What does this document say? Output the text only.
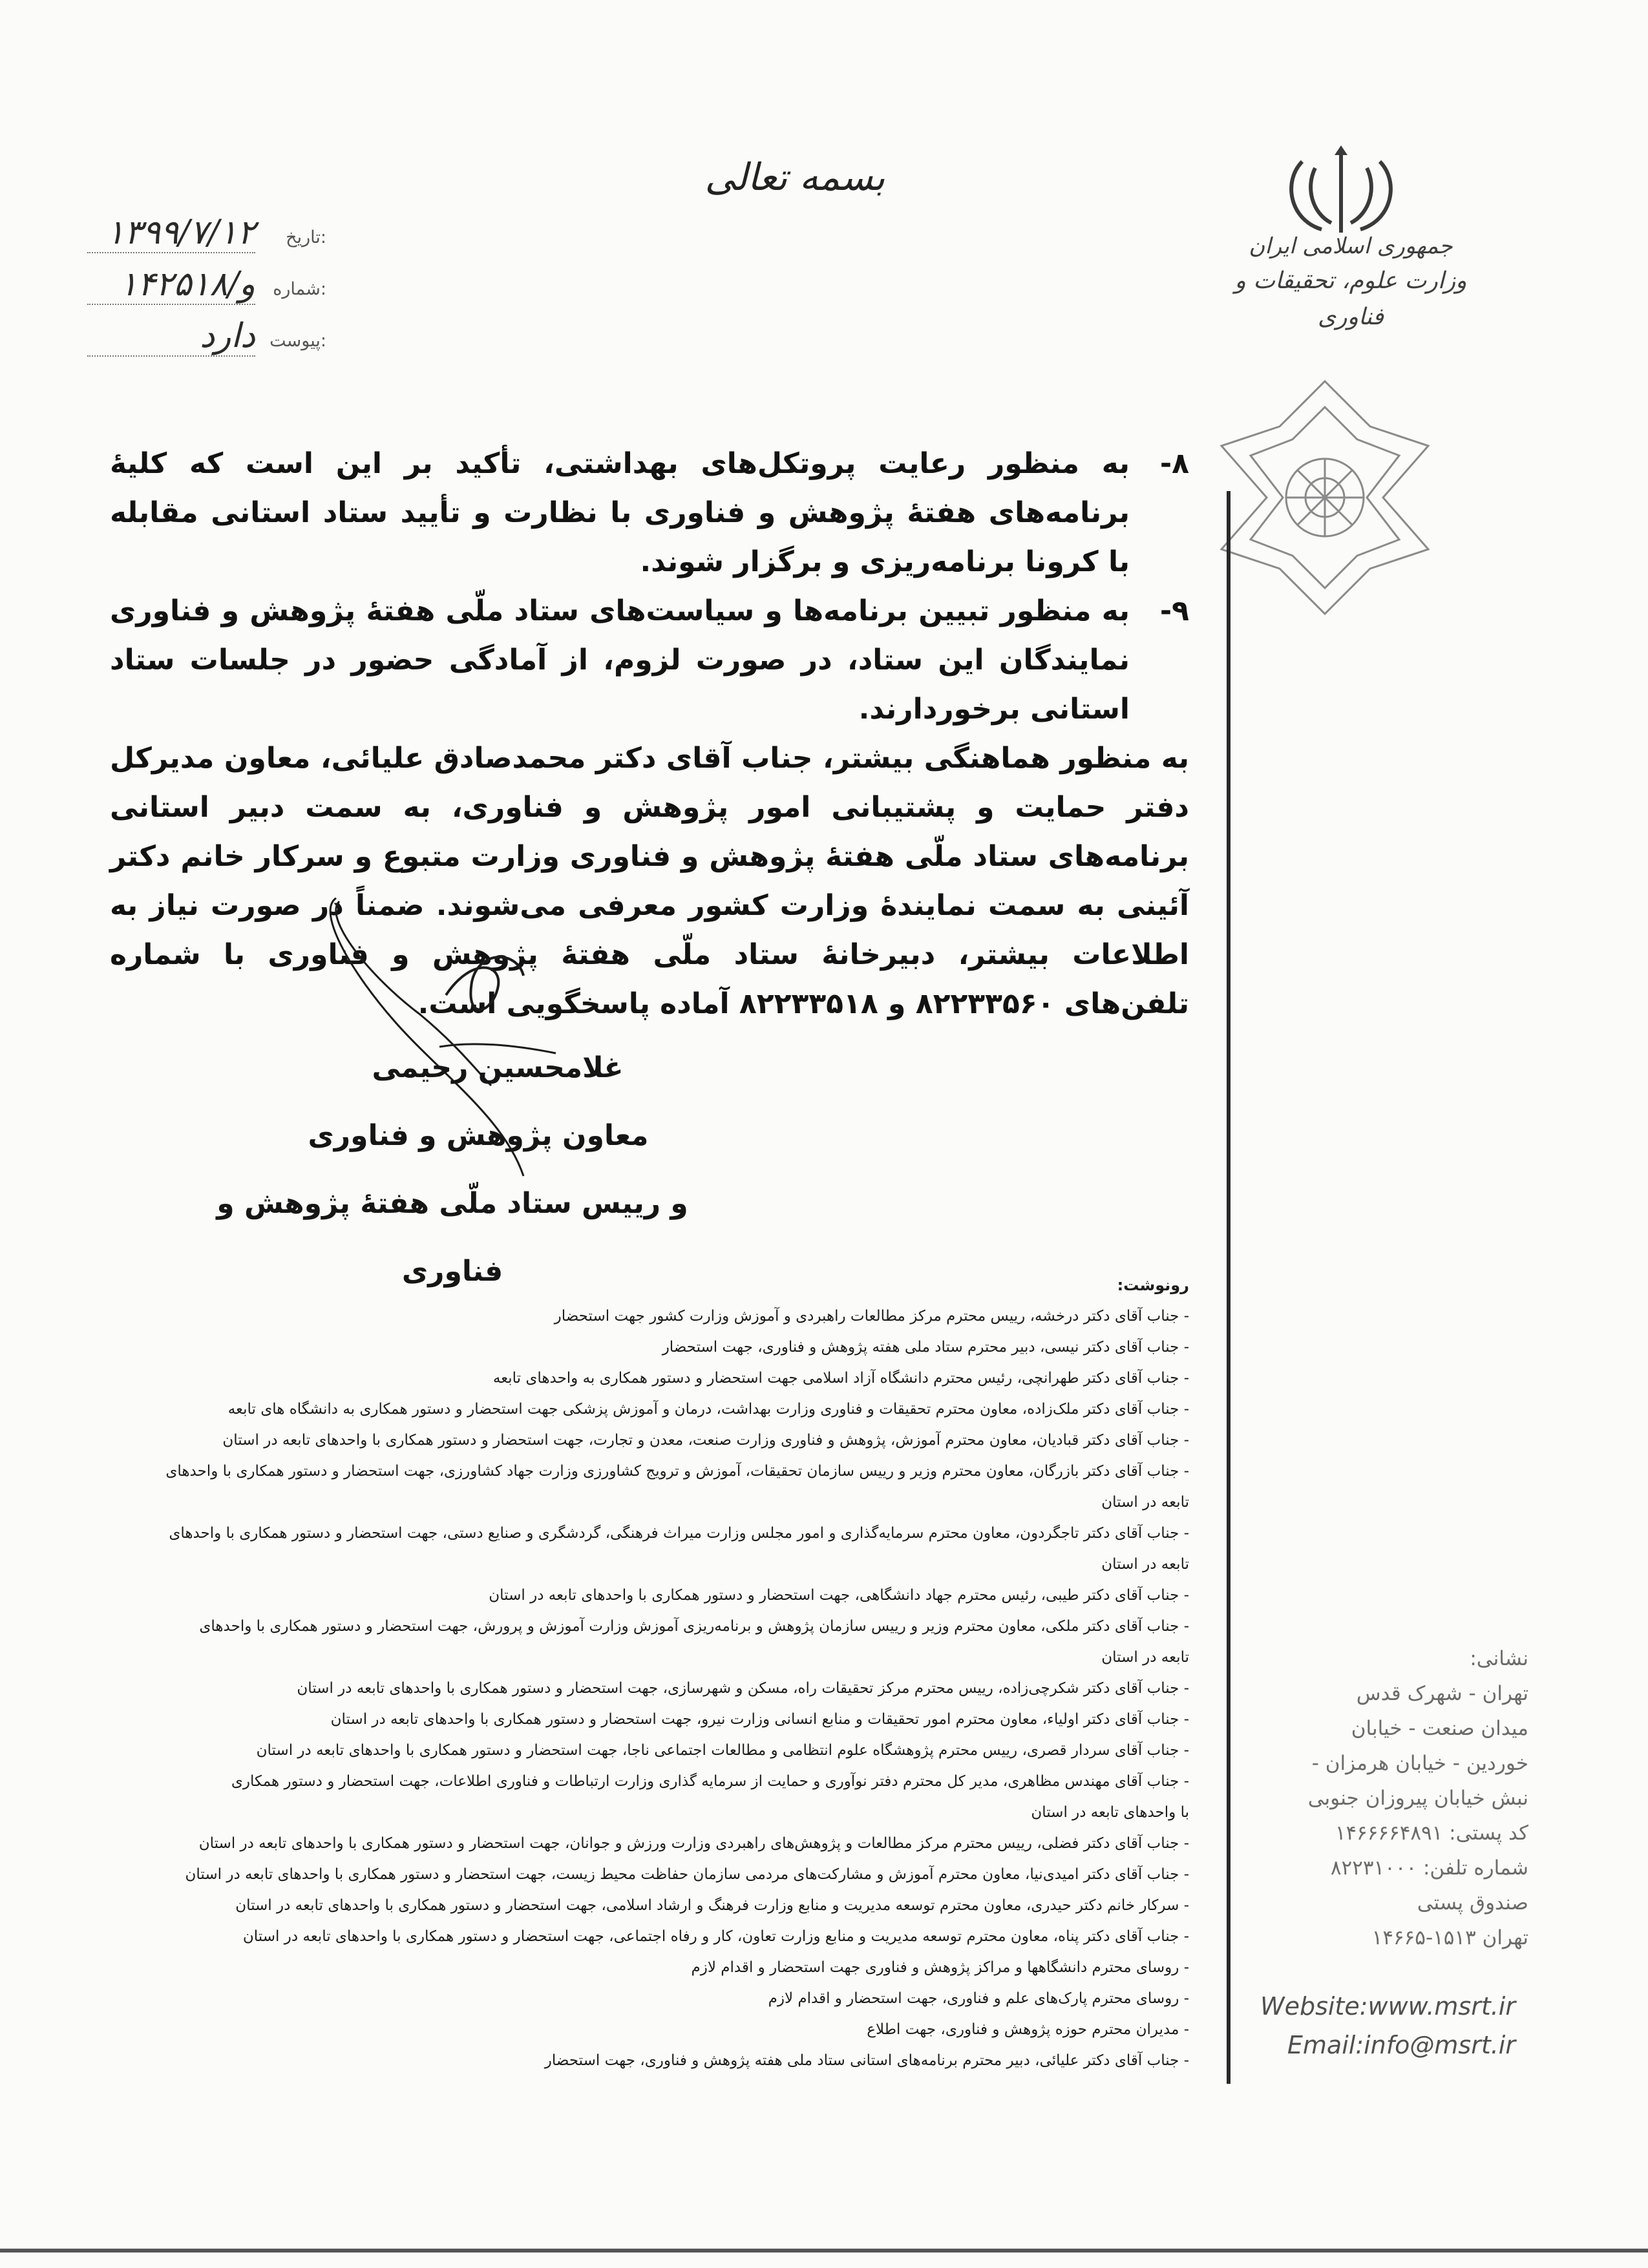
جمهوری اسلامی ایران
وزارت علوم، تحقیقات و فناوری
بسمه تعالی
تاریخ:
۱۳۹۹/۷/۱۲
شماره:
۱۴۲۵۱۸/و
پیوست:
دارد
۸-
به منظور رعایت پروتکل‌های بهداشتی، تأکید بر این است که کلیهٔ برنامه‌های هفتهٔ پژوهش و فناوری با نظارت و تأیید ستاد استانی مقابله با کرونا برنامه‌ریزی و برگزار شوند.
۹-
به منظور تبیین برنامه‌ها و سیاست‌های ستاد ملّی هفتهٔ پژوهش و فناوری نمایندگان این ستاد، در صورت لزوم، از آمادگی حضور در جلسات ستاد استانی برخوردارند.
به منظور هماهنگی بیشتر، جناب آقای دکتر محمدصادق علیائی، معاون مدیرکل دفتر حمایت و پشتیبانی امور پژوهش و فناوری، به سمت دبیر استانی برنامه‌های ستاد ملّی هفتهٔ پژوهش و فناوری وزارت متبوع و سرکار خانم دکتر آئینی به سمت نمایندهٔ وزارت کشور معرفی می‌شوند. ضمناً در صورت نیاز به اطلاعات بیشتر، دبیرخانهٔ ستاد ملّی هفتهٔ پژوهش و فناوری با شماره تلفن‌های ۸۲۲۳۳۵۶۰ و ۸۲۲۳۳۵۱۸ آماده پاسخگویی است.
غلامحسین رحیمی
معاون پژوهش و فناوری
و رییس ستاد ملّی هفتهٔ پژوهش و فناوری	رونوشت:
- جناب آقای دکتر درخشه، رییس محترم مرکز مطالعات راهبردی و آموزش وزارت کشور جهت استحضار
- جناب آقای دکتر نیسی، دبیر محترم ستاد ملی هفته پژوهش و فناوری، جهت استحضار
- جناب آقای دکتر طهرانچی، رئیس محترم دانشگاه آزاد اسلامی جهت استحضار و دستور همکاری به واحدهای تابعه
- جناب آقای دکتر ملک‌زاده، معاون محترم تحقیقات و فناوری وزارت بهداشت، درمان و آموزش پزشکی جهت استحضار و دستور همکاری به دانشگاه های تابعه
- جناب آقای دکتر قبادیان، معاون محترم آموزش، پژوهش و فناوری وزارت صنعت، معدن و تجارت، جهت استحضار و دستور همکاری با واحدهای تابعه در استان
- جناب آقای دکتر بازرگان، معاون محترم وزیر و رییس سازمان تحقیقات، آموزش و ترویج کشاورزی وزارت جهاد کشاورزی، جهت استحضار و دستور همکاری با واحدهای
تابعه در استان
- جناب آقای دکتر تاجگردون، معاون محترم سرمایه‌گذاری و امور مجلس وزارت میراث فرهنگی، گردشگری و صنایع دستی، جهت استحضار و دستور همکاری با واحدهای
تابعه در استان
- جناب آقای دکتر طیبی، رئیس محترم جهاد دانشگاهی، جهت استحضار و دستور همکاری با واحدهای تابعه در استان
- جناب آقای دکتر ملکی، معاون محترم وزیر و رییس سازمان پژوهش و برنامه‌ریزی آموزش وزارت آموزش و پرورش، جهت استحضار و دستور همکاری با واحدهای
تابعه در استان
- جناب آقای دکتر شکرچی‌زاده، رییس محترم مرکز تحقیقات راه، مسکن و شهرسازی، جهت استحضار و دستور همکاری با واحدهای تابعه در استان
- جناب آقای دکتر اولیاء، معاون محترم امور تحقیقات و منابع انسانی وزارت نیرو، جهت استحضار و دستور همکاری با واحدهای تابعه در استان
- جناب آقای سردار قصری، رییس محترم پژوهشگاه علوم انتظامی و مطالعات اجتماعی ناجا، جهت استحضار و دستور همکاری با واحدهای تابعه در استان
- جناب آقای مهندس مظاهری، مدیر کل محترم دفتر نوآوری و حمایت از سرمایه گذاری وزارت ارتباطات و فناوری اطلاعات، جهت استحضار و دستور همکاری
با واحدهای تابعه در استان
- جناب آقای دکتر فضلی، رییس محترم مرکز مطالعات و پژوهش‌های راهبردی وزارت ورزش و جوانان، جهت استحضار و دستور همکاری با واحدهای تابعه در استان
- جناب آقای دکتر امیدی‌نیا، معاون محترم آموزش و مشارکت‌های مردمی سازمان حفاظت محیط زیست، جهت استحضار و دستور همکاری با واحدهای تابعه در استان
- سرکار خانم دکتر حیدری، معاون محترم توسعه مدیریت و منابع وزارت فرهنگ و ارشاد اسلامی، جهت استحضار و دستور همکاری با واحدهای تابعه در استان
- جناب آقای دکتر پناه، معاون محترم توسعه مدیریت و منابع وزارت تعاون، کار و رفاه اجتماعی، جهت استحضار و دستور همکاری با واحدهای تابعه در استان
- روسای محترم دانشگاهها و مراکز پژوهش و فناوری جهت استحضار و اقدام لازم
- روسای محترم پارک‌های علم و فناوری، جهت استحضار و اقدام لازم
- مدیران محترم حوزه پژوهش و فناوری، جهت اطلاع
- جناب آقای دکتر علیائی، دبیر محترم برنامه‌های استانی ستاد ملی هفته پژوهش و فناوری، جهت استحضار
نشانی:
تهران - شهرک قدس
میدان صنعت - خیابان
خوردین - خیابان هرمزان -
نبش خیابان پیروزان جنوبی
کد پستی: ۱۴۶۶۶۶۴۸۹۱
شماره تلفن: ۸۲۲۳۱۰۰۰
صندوق پستی
تهران ۱۵۱۳-۱۴۶۶۵
Website:www.msrt.ir
Email:info@msrt.ir
